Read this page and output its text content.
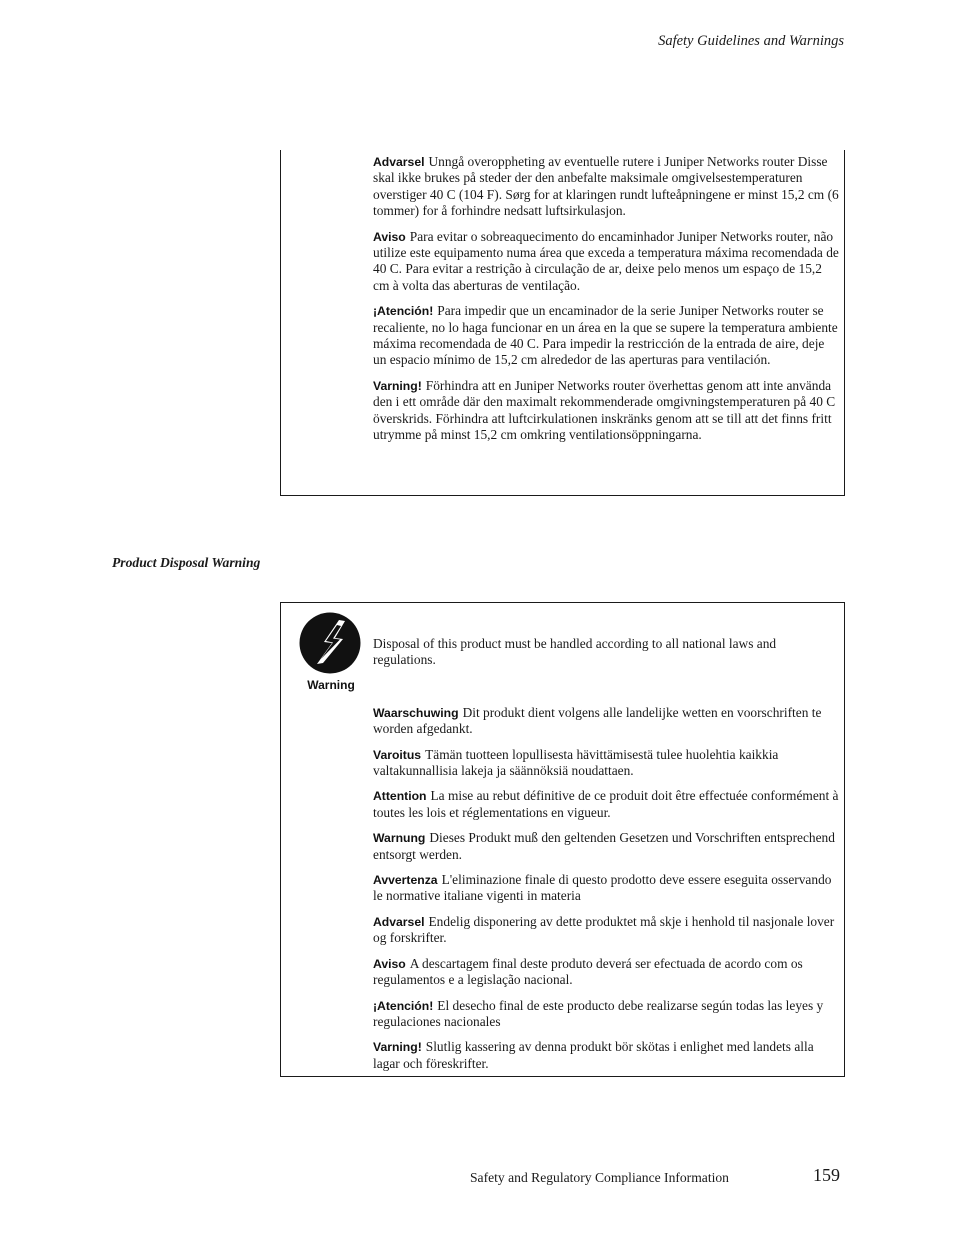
Safety Guidelines and Warnings

Advarsel Unngå overoppheting av eventuelle rutere i Juniper Networks router Disse skal ikke brukes på steder der den anbefalte maksimale omgivelsestemperaturen overstiger 40 C (104 F). Sørg for at klaringen rundt lufteåpningene er minst 15,2 cm (6 tommer) for å forhindre nedsatt luftsirkulasjon.

Aviso Para evitar o sobreaquecimento do encaminhador Juniper Networks router, não utilize este equipamento numa área que exceda a temperatura máxima recomendada de 40 C. Para evitar a restrição à circulação de ar, deixe pelo menos um espaço de 15,2 cm à volta das aberturas de ventilação.

¡Atención! Para impedir que un encaminador de la serie Juniper Networks router se recaliente, no lo haga funcionar en un área en la que se supere la temperatura ambiente máxima recomendada de 40 C. Para impedir la restricción de la entrada de aire, deje un espacio mínimo de 15,2 cm alrededor de las aperturas para ventilación.

Varning! Förhindra att en Juniper Networks router överhettas genom att inte använda den i ett område där den maximalt rekommenderade omgivningstemperaturen på 40 C överskrids. Förhindra att luftcirkulationen inskränks genom att se till att det finns fritt utrymme på minst 15,2 cm omkring ventilationsöppningarna.

Product Disposal Warning
Warning

Disposal of this product must be handled according to all national laws and regulations.

Waarschuwing Dit produkt dient volgens alle landelijke wetten en voorschriften te worden afgedankt.

Varoitus Tämän tuotteen lopullisesta hävittämisestä tulee huolehtia kaikkia valtakunnallisia lakeja ja säännöksiä noudattaen.

Attention La mise au rebut définitive de ce produit doit être effectuée conformément à toutes les lois et réglementations en vigueur.

Warnung Dieses Produkt muß den geltenden Gesetzen und Vorschriften entsprechend entsorgt werden.

Avvertenza L'eliminazione finale di questo prodotto deve essere eseguita osservando le normative italiane vigenti in materia

Advarsel Endelig disponering av dette produktet må skje i henhold til nasjonale lover og forskrifter.

Aviso A descartagem final deste produto deverá ser efectuada de acordo com os regulamentos e a legislação nacional.

¡Atención! El desecho final de este producto debe realizarse según todas las leyes y regulaciones nacionales

Varning! Slutlig kassering av denna produkt bör skötas i enlighet med landets alla lagar och föreskrifter.

Safety and Regulatory Compliance Information	159
